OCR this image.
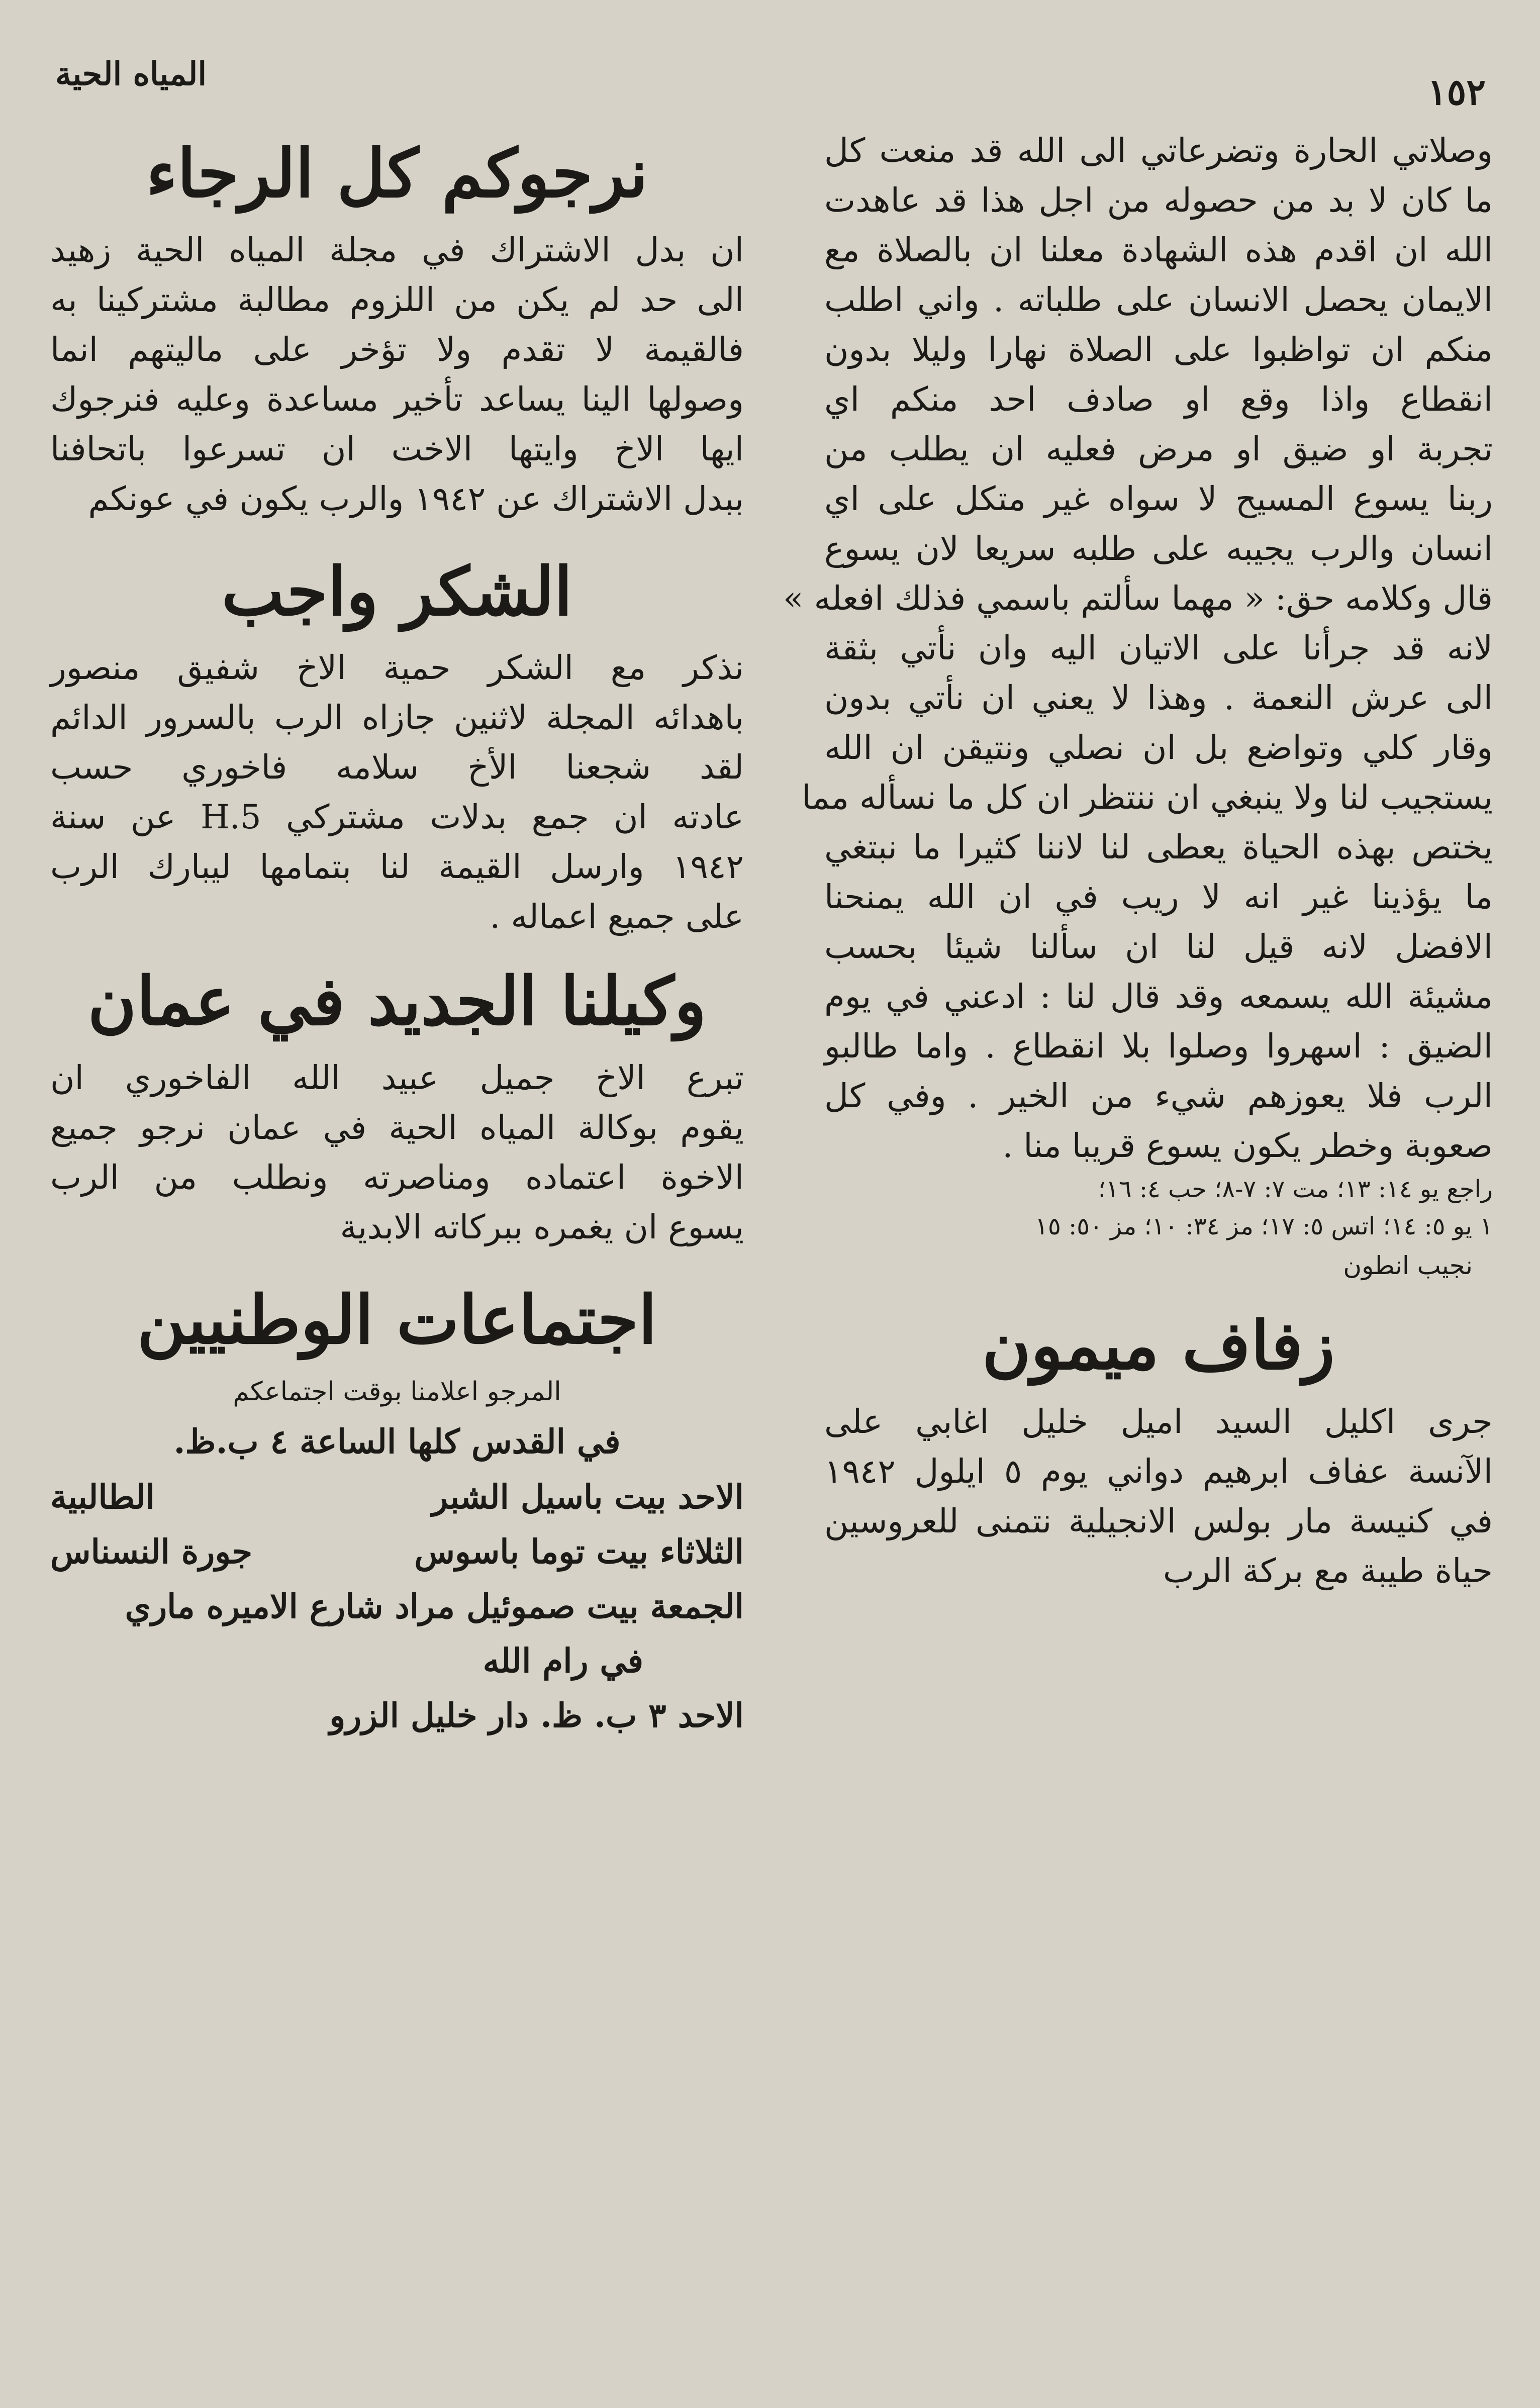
المياه الحية	١٥٢
نرجوكم كل الرجاء
ان بدل الاشتراك في مجلة المياه الحية زهيد
الى حد لم يكن من اللزوم مطالبة مشتركينا به
فالقيمة لا تقدم ولا تؤخر على ماليتهم انما
وصولها الينا يساعد تأخير مساعدة وعليه فنرجوك
ايها الاخ وايتها الاخت ان تسرعوا باتحافنا
ببدل الاشتراك عن ١٩٤٢ والرب يكون في عونكم
الشكر واجب
نذكر مع الشكر حمية الاخ شفيق منصور
باهدائه المجلة لاثنين جازاه الرب بالسرور الدائم
لقد شجعنا الأخ سلامه فاخوري حسب
عادته ان جمع بدلات مشتركي H.5 عن سنة
١٩٤٢ وارسل القيمة لنا بتمامها ليبارك الرب
على جميع اعماله .
وكيلنا الجديد في عمان
تبرع الاخ جميل عبيد الله الفاخوري ان
يقوم بوكالة المياه الحية في عمان نرجو جميع
الاخوة اعتماده ومناصرته ونطلب من الرب
يسوع ان يغمره ببركاته الابدية
اجتماعات الوطنيين
المرجو اعلامنا بوقت اجتماعكم
في القدس كلها الساعة ٤ ب.ظ.
الاحد بيت باسيل الشبر
الطالبية
الثلاثاء بيت توما باسوس
جورة النسناس
الجمعة بيت صموئيل مراد شارع الاميره ماري
في رام الله
الاحد ٣ ب. ظ. دار خليل الزرو
وصلاتي الحارة وتضرعاتي الى الله قد منعت كل
ما كان لا بد من حصوله من اجل هذا قد عاهدت
الله ان اقدم هذه الشهادة معلنا ان بالصلاة مع
الايمان يحصل الانسان على طلباته . واني اطلب
منكم ان تواظبوا على الصلاة نهارا وليلا بدون
انقطاع واذا وقع او صادف احد منكم اي
تجربة او ضيق او مرض فعليه ان يطلب من
ربنا يسوع المسيح لا سواه غير متكل على اي
انسان والرب يجيبه على طلبه سريعا لان يسوع
قال وكلامه حق: « مهما سألتم باسمي فذلك افعله »
لانه قد جرأنا على الاتيان اليه وان نأتي بثقة
الى عرش النعمة . وهذا لا يعني ان نأتي بدون
وقار كلي وتواضع بل ان نصلي ونتيقن ان الله
يستجيب لنا ولا ينبغي ان ننتظر ان كل ما نسأله مما
يختص بهذه الحياة يعطى لنا لاننا كثيرا ما نبتغي
ما يؤذينا غير انه لا ريب في ان الله يمنحنا
الافضل لانه قيل لنا ان سألنا شيئا بحسب
مشيئة الله يسمعه وقد قال لنا : ادعني في يوم
الضيق : اسهروا وصلوا بلا انقطاع . واما طالبو
الرب فلا يعوزهم شيء من الخير . وفي كل
صعوبة وخطر يكون يسوع قريبا منا .
راجع يو ١٤: ١٣؛ مت ٧: ٧-٨؛ حب ٤: ١٦؛
١ يو ٥: ١٤؛ اتس ٥: ١٧؛ مز ٣٤: ١٠؛ مز ٥٠: ١٥
نجيب انطون
زفاف ميمون
جرى اكليل السيد اميل خليل اغابي على
الآنسة عفاف ابرهيم دواني يوم ٥ ايلول ١٩٤٢
في كنيسة مار بولس الانجيلية نتمنى للعروسين
حياة طيبة مع بركة الرب
